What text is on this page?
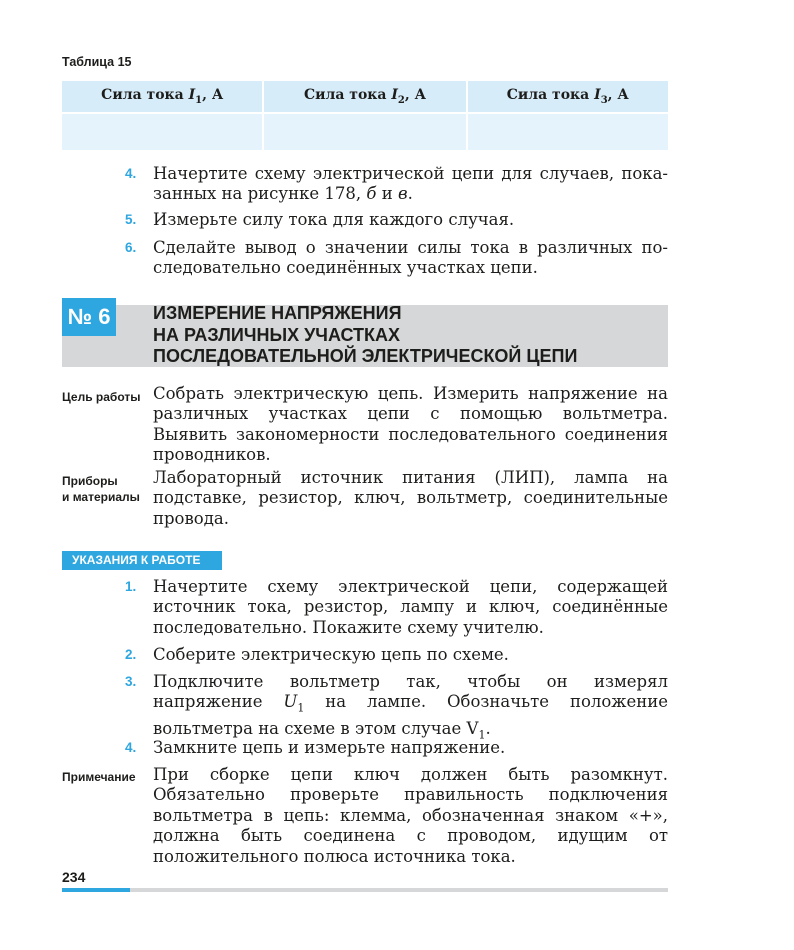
Таблица 15
Сила тока $I_1$, А	Сила тока $I_2$, А	Сила тока $I_3$, А

4. Начертите схему электрической цепи для случаев, пока-
занных на рисунке 178, б и в.
5. Измерьте силу тока для каждого случая.
6. Сделайте вывод о значении силы тока в различных по-
следовательно соединённых участках цепи.
№ 6	ИЗМЕРЕНИЕ НАПРЯЖЕНИЯ
НА РАЗЛИЧНЫХ УЧАСТКАХ
ПОСЛЕДОВАТЕЛЬНОЙ ЭЛЕКТРИЧЕСКОЙ ЦЕПИ
Цель работы Собрать электрическую цепь. Измерить напряжение на различных участках цепи с помощью вольтметра. Выявить закономерности последовательного соединения проводников.
Приборы
и материалы
Лабораторный источник питания (ЛИП), лампа на подставке, резистор, ключ, вольтметр, соединительные провода.
УКАЗАНИЯ К РАБОТЕ
1. Начертите схему электрической цепи, содержащей источник тока, резистор, лампу и ключ, соединённые последовательно. Покажите схему учителю.
2. Соберите электрическую цепь по схеме.
3. Подключите вольтметр так, чтобы он измерял напряжение $U_1$ на лампе. Обозначьте положение вольтметра на схеме в этом случае $V_1$.
4. Замкните цепь и измерьте напряжение.
Примечание При сборке цепи ключ должен быть разомкнут. Обязательно проверьте правильность подключения вольтметра в цепь: клемма, обозначенная знаком «+», должна быть соединена с проводом, идущим от положительного полюса источника тока.
234
